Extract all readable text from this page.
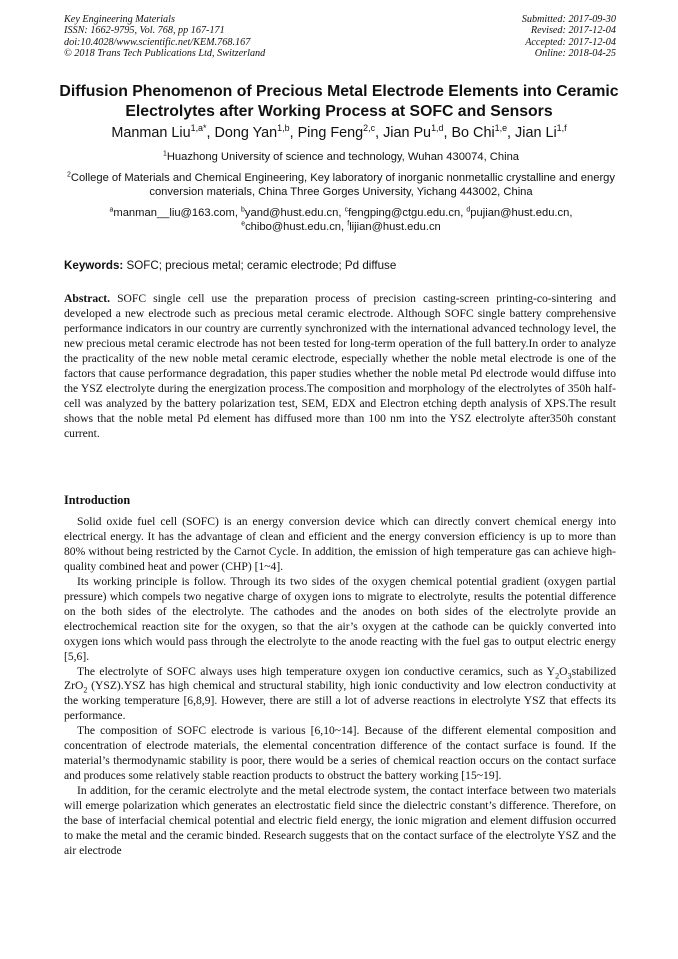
Key Engineering Materials
ISSN: 1662-9795, Vol. 768, pp 167-171
doi:10.4028/www.scientific.net/KEM.768.167
© 2018 Trans Tech Publications Ltd, Switzerland
Submitted: 2017-09-30
Revised: 2017-12-04
Accepted: 2017-12-04
Online: 2018-04-25
Diffusion Phenomenon of Precious Metal Electrode Elements into Ceramic Electrolytes after Working Process at SOFC and Sensors
Manman Liu$^{1,a*}$, Dong Yan$^{1,b}$, Ping Feng$^{2,c}$, Jian Pu$^{1,d}$, Bo Chi$^{1,e}$, Jian Li$^{1,f}$
$^1$Huazhong University of science and technology, Wuhan 430074, China
$^2$College of Materials and Chemical Engineering, Key laboratory of inorganic nonmetallic crystalline and energy conversion materials, China Three Gorges University, Yichang 443002, China
$^a$manman__liu@163.com, $^b$yand@hust.edu.cn, $^c$fengping@ctgu.edu.cn, $^d$pujian@hust.edu.cn,
$^e$chibo@hust.edu.cn, $^f$lijian@hust.edu.cn
Keywords: SOFC; precious metal; ceramic electrode; Pd diffuse
Abstract. SOFC single cell use the preparation process of precision casting-screen printing-co-sintering and developed a new electrode such as precious metal ceramic electrode. Although SOFC single battery comprehensive performance indicators in our country are currently synchronized with the international advanced technology level, the new precious metal ceramic electrode has not been tested for long-term operation of the full battery.In order to analyze the practicality of the new noble metal ceramic electrode, especially whether the noble metal electrode is one of the factors that cause performance degradation, this paper studies whether the noble metal Pd electrode would diffuse into the YSZ electrolyte during the energization process.The composition and morphology of the electrolytes of 350h half-cell was analyzed by the battery polarization test, SEM, EDX and Electron etching depth analysis of XPS.The result shows that the noble metal Pd element has diffused more than 100 nm into the YSZ electrolyte after350h constant current.
Introduction

Solid oxide fuel cell (SOFC) is an energy conversion device which can directly convert chemical energy into electrical energy. It has the advantage of clean and efficient and the energy conversion efficiency is up to more than 80% without being restricted by the Carnot Cycle. In addition, the emission of high temperature gas can achieve high-quality combined heat and power (CHP) [1~4].

Its working principle is follow. Through its two sides of the oxygen chemical potential gradient (oxygen partial pressure) which compels two negative charge of oxygen ions to migrate to electrolyte, results the potential difference on the both sides of the electrolyte. The cathodes and the anodes on both sides of the electrolyte provide an electrochemical reaction site for the oxygen, so that the air’s oxygen at the cathode can be quickly converted into oxygen ions which would pass through the electrolyte to the anode reacting with the fuel gas to output electric energy [5,6].

The electrolyte of SOFC always uses high temperature oxygen ion conductive ceramics, such as $Y_2O_3stabilized$ ZrO$_2$ (YSZ).YSZ has high chemical and structural stability, high ionic conductivity and low electron conductivity at the working temperature [6,8,9]. However, there are still a lot of adverse reactions in electrolyte YSZ that effects its performance.

The composition of SOFC electrode is various [6,10~14]. Because of the different elemental composition and concentration of electrode materials, the elemental concentration difference of the contact surface is found. If the material’s thermodynamic stability is poor, there would be a series of chemical reaction occurs on the contact surface and produces some relatively stable reaction products to obstruct the battery working [15~19].

In addition, for the ceramic electrolyte and the metal electrode system, the contact interface between two materials will emerge polarization which generates an electrostatic field since the dielectric constant’s difference. Therefore, on the base of interfacial chemical potential and electric field energy, the ionic migration and element diffusion occurred to make the metal and the ceramic binded. Research suggests that on the contact surface of the electrolyte YSZ and the air electrode
